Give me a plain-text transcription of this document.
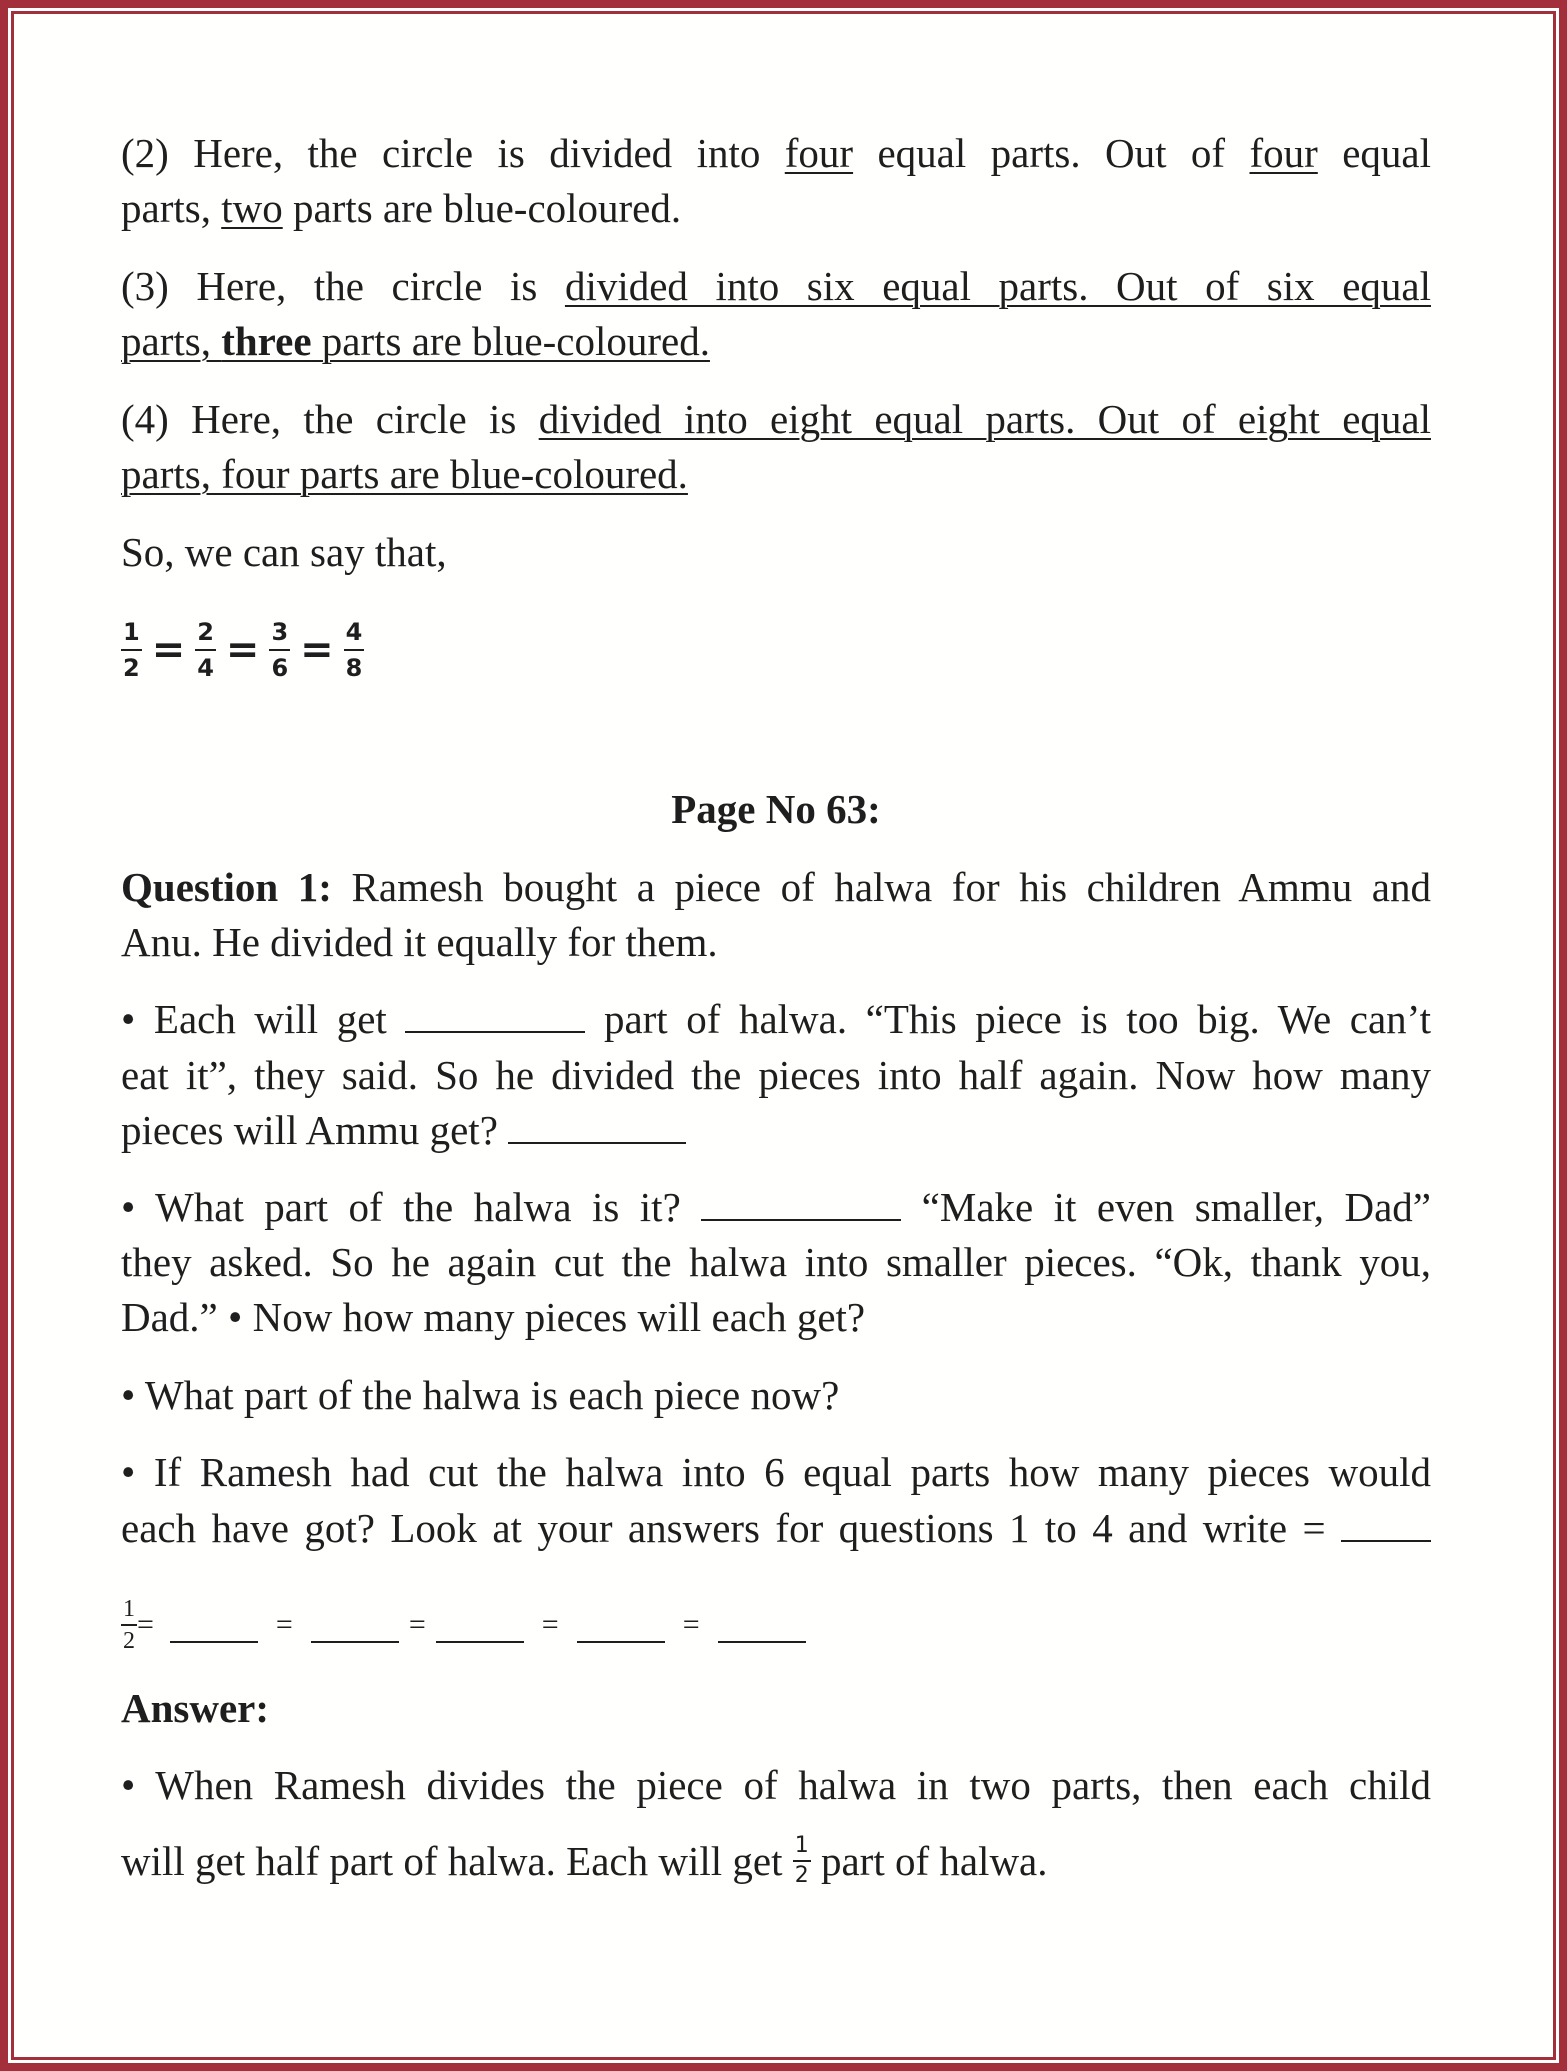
(2) Here, the circle is divided into four equal parts. Out of four equal
parts, two parts are blue-coloured.
(3) Here, the circle is divided into six equal parts. Out of six equal
parts, three parts are blue-coloured.
(4) Here, the circle is divided into eight equal parts. Out of eight equal
parts, four parts are blue-coloured.
So, we can say that,
$\frac{1}{2} = \frac{2}{4} = \frac{3}{6} = \frac{4}{8}$
Page No 63:
Question 1: Ramesh bought a piece of halwa for his children Ammu and
Anu. He divided it equally for them.
• Each will get	part of halwa. “This piece is too big. We can’t
eat it”, they said. So he divided the pieces into half again. Now how many
pieces will Ammu get?
• What part of the halwa is it?	“Make it even smaller, Dad”
they asked. So he again cut the halwa into smaller pieces. “Ok, thank you,
Dad.” • Now how many pieces will each get?
• What part of the halwa is each piece now?
• If Ramesh had cut the halwa into 6 equal parts how many pieces would
each have got? Look at your answers for questions 1 to 4 and write =
$\frac{1}{2}$ =	=	=	=	=
Answer:
• When Ramesh divides the piece of halwa in two parts, then each child
will get half part of halwa. Each will get $\frac{1}{2}$ part of halwa.
